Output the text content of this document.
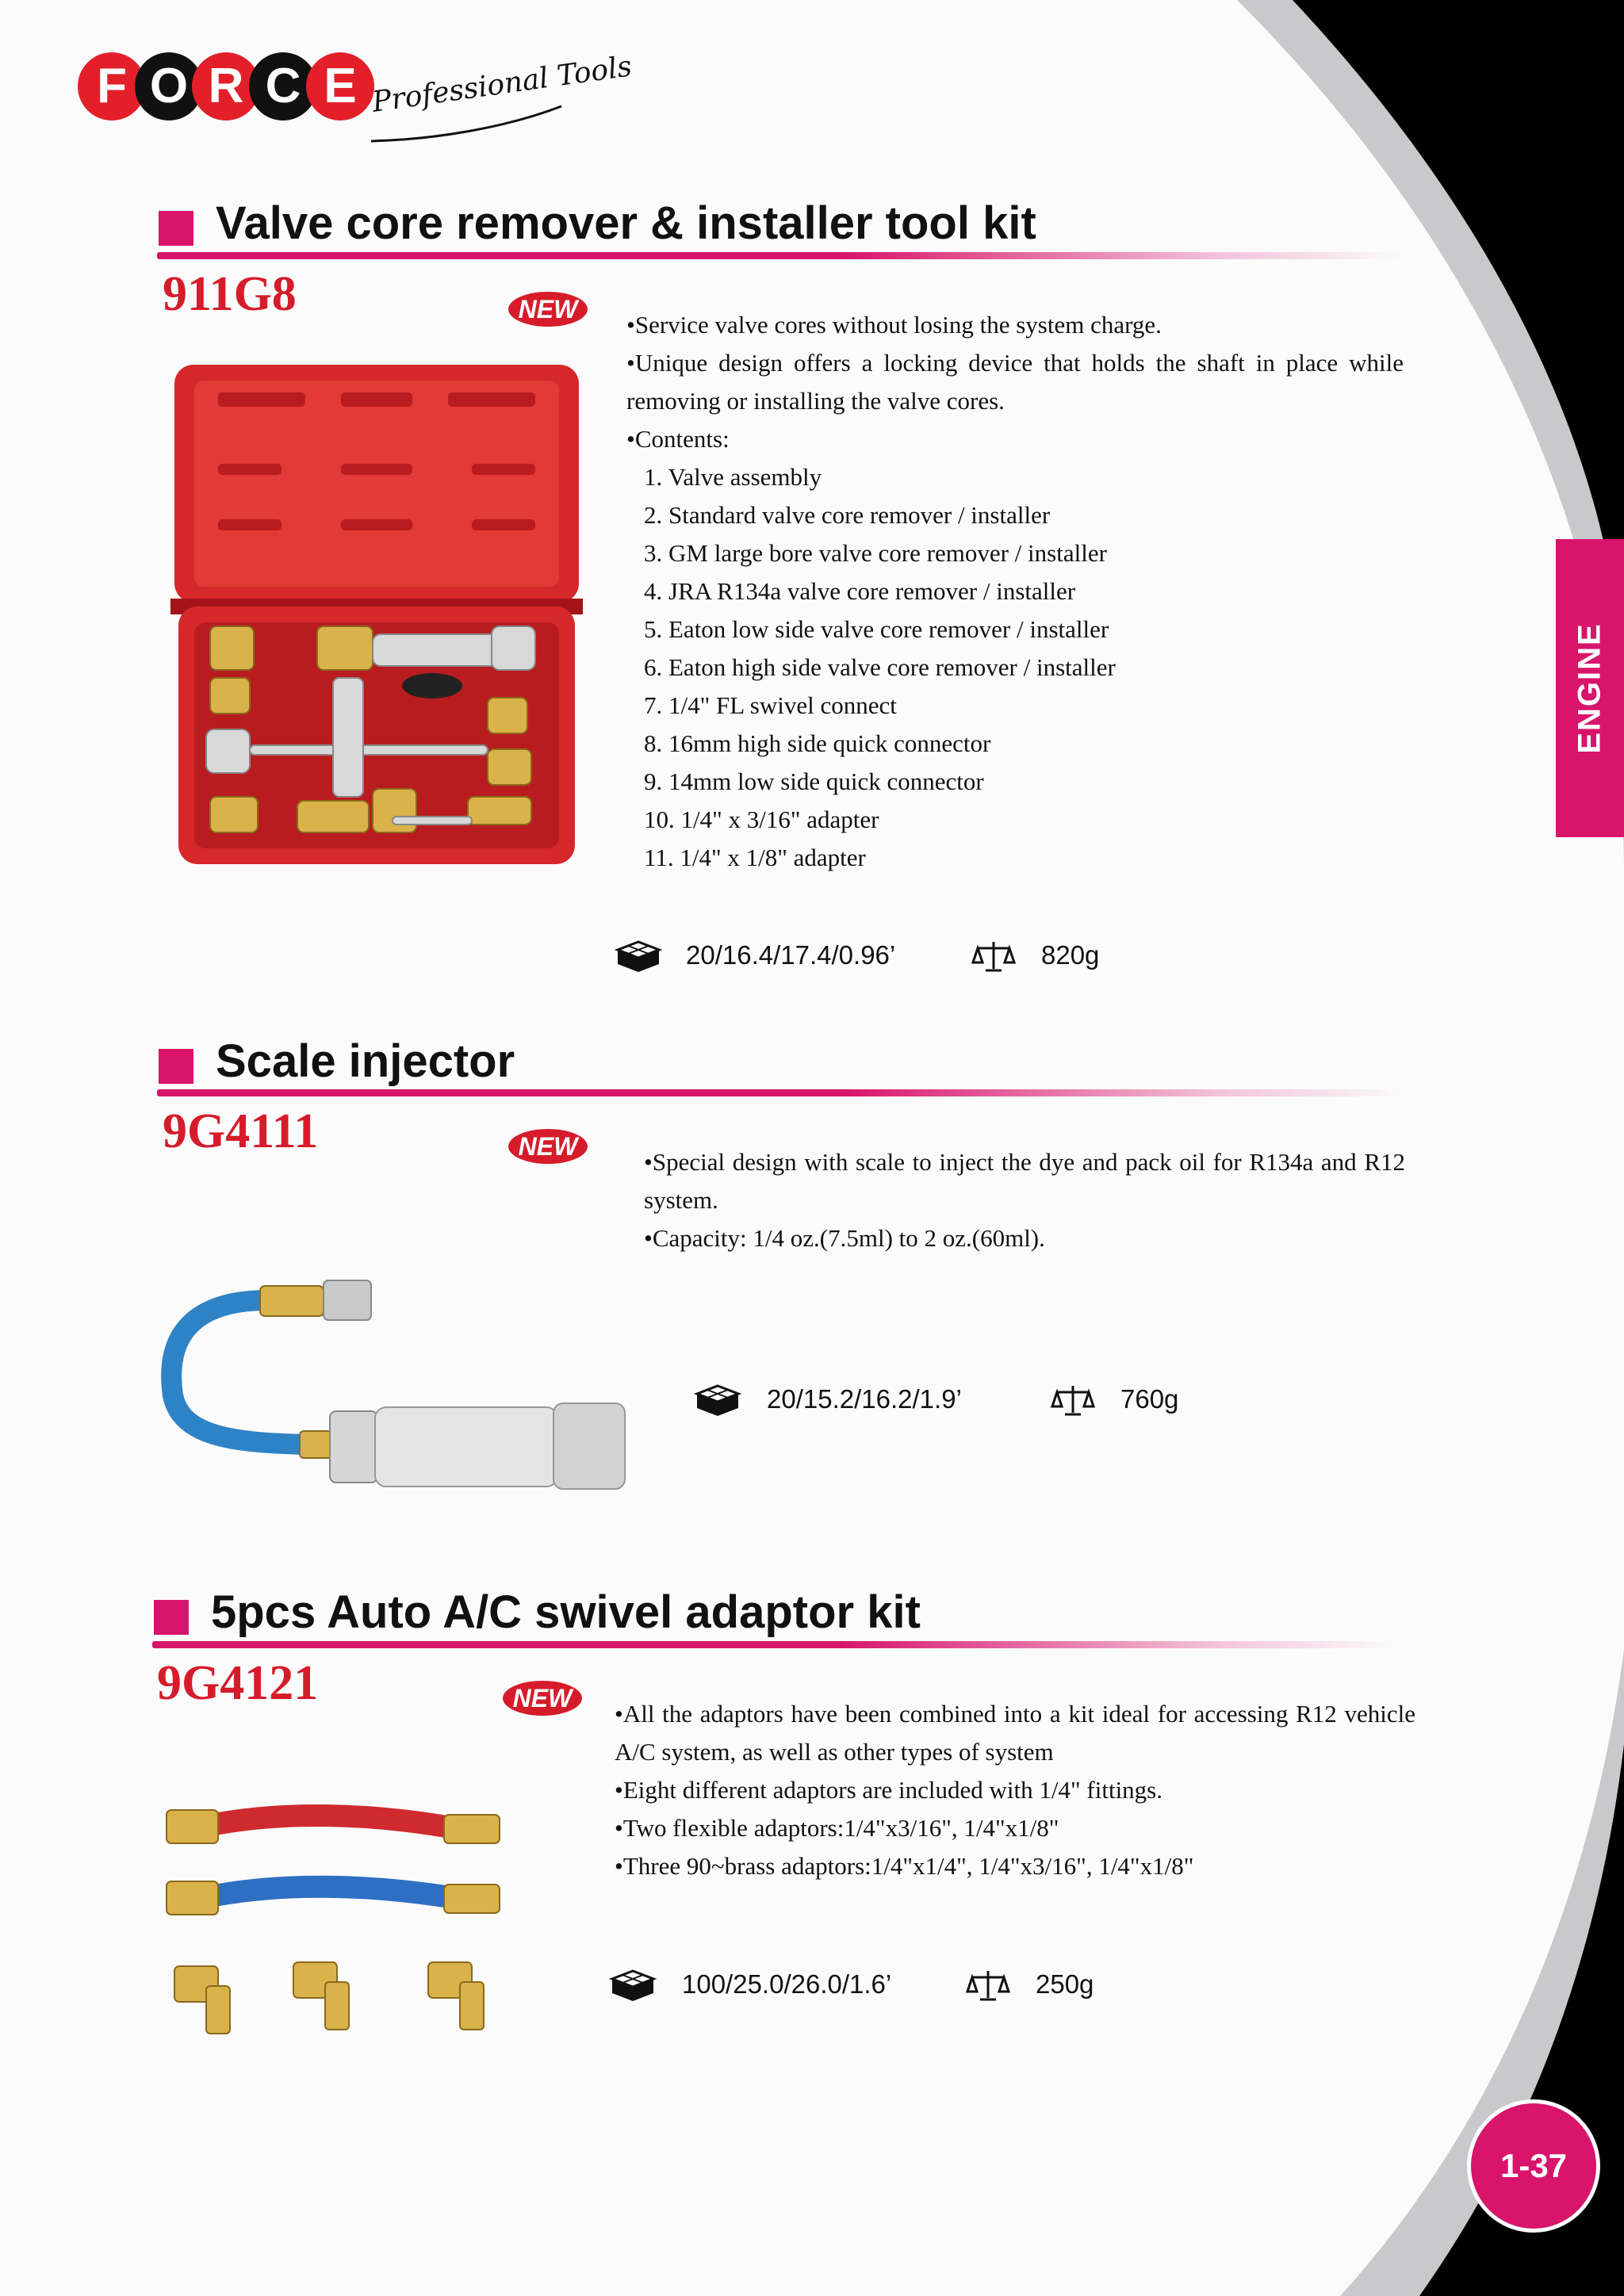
F O R C E Professional Tools
Valve core remover & installer tool kit
911G8	NEW

•Service valve cores without losing the system charge.

•Unique design offers a locking device that holds the shaft in place while removing or installing the valve cores.

•Contents:

1. Valve assembly

2. Standard valve core remover / installer

3. GM large bore valve core remover / installer

4. JRA R134a valve core remover / installer

5. Eaton low side valve core remover / installer

6. Eaton high side valve core remover / installer

7. 1/4" FL swivel connect

8. 16mm high side quick connector

9. 14mm low side quick connector

10. 1/4" x 3/16" adapter

11. 1/4" x 1/8" adapter

20/16.4/17.4/0.96’	820g
Scale injector
9G4111	NEW

•Special design with scale to inject the dye and pack oil for R134a and R12 system.

•Capacity: 1/4 oz.(7.5ml) to 2 oz.(60ml).

20/15.2/16.2/1.9’	760g
5pcs Auto A/C swivel adaptor kit
9G4121	NEW

•All the adaptors have been combined into a kit ideal for accessing R12 vehicle A/C system, as well as other types of system

•Eight different adaptors are included with 1/4" fittings.

•Two flexible adaptors:1/4"x3/16", 1/4"x1/8"

•Three 90~brass adaptors:1/4"x1/4", 1/4"x3/16", 1/4"x1/8"

100/25.0/26.0/1.6’	250g
ENGINE
1-37
